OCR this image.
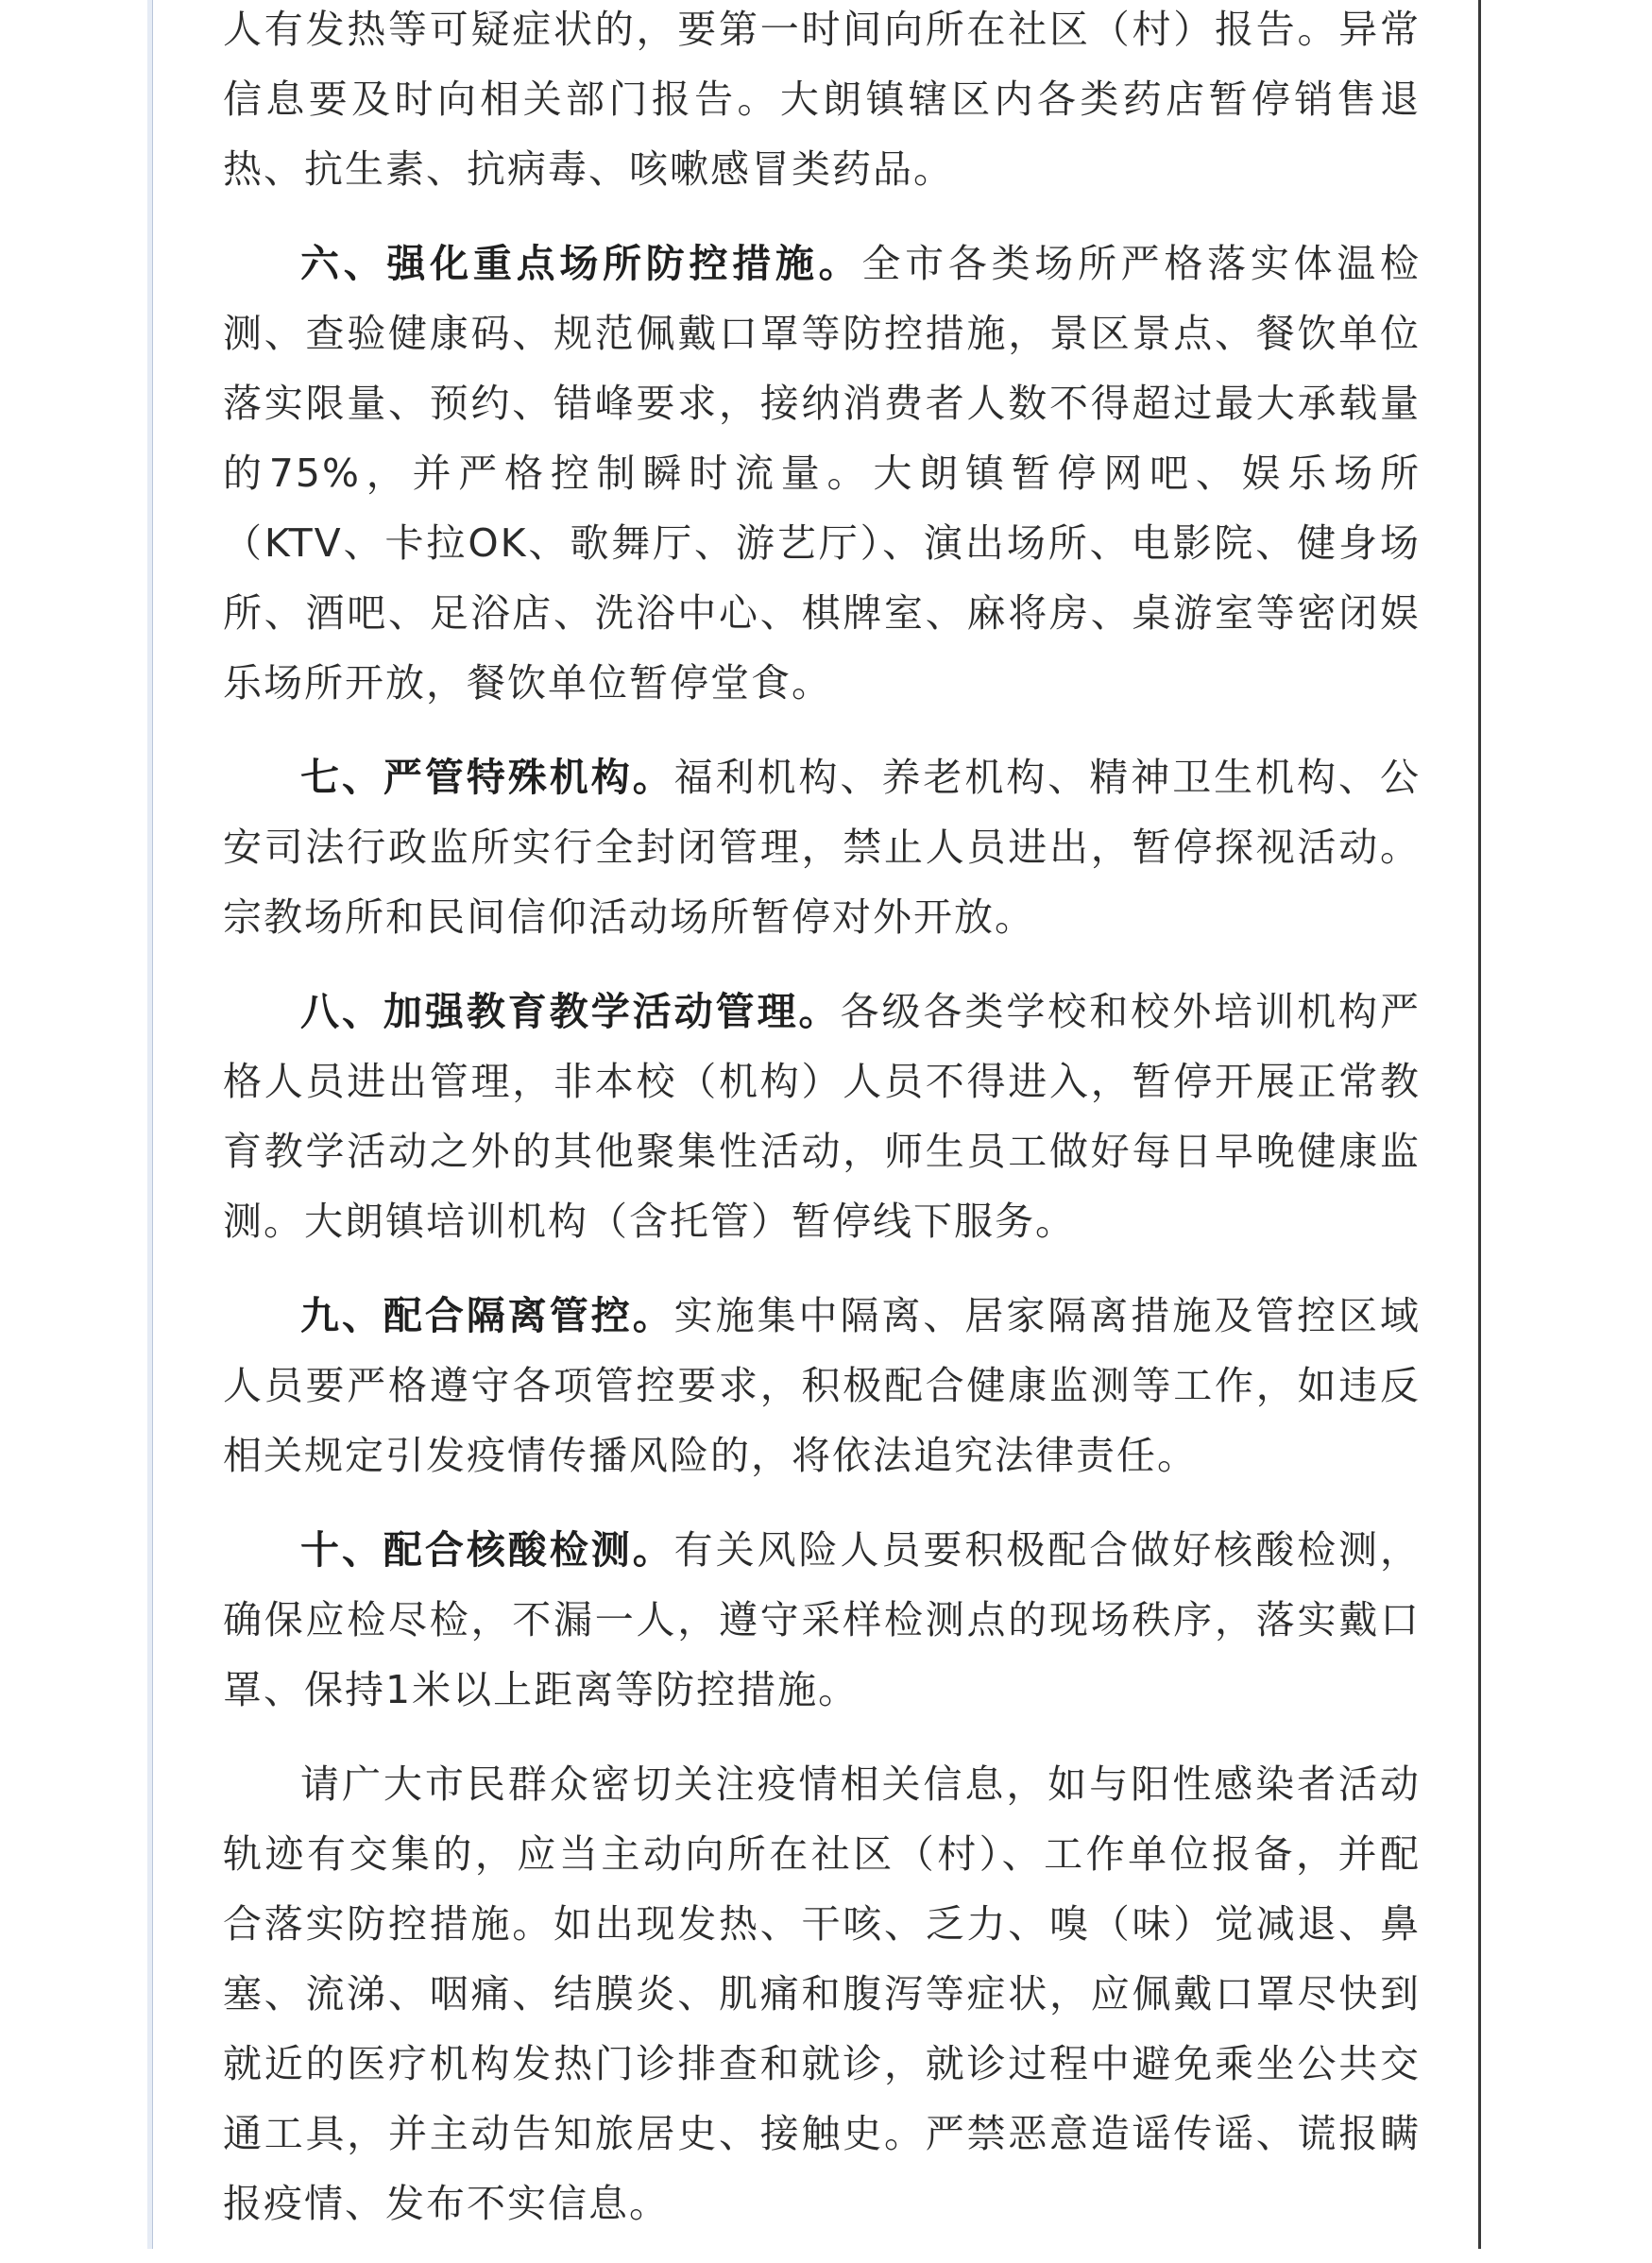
人有发热等可疑症状的，要第一时间向所在社区（村）报告。异常信息要及时向相关部门报告。大朗镇辖区内各类药店暂停销售退热、抗生素、抗病毒、咳嗽感冒类药品。

六、强化重点场所防控措施。全市各类场所严格落实体温检测、查验健康码、规范佩戴口罩等防控措施，景区景点、餐饮单位落实限量、预约、错峰要求，接纳消费者人数不得超过最大承载量的75%，并严格控制瞬时流量。大朗镇暂停网吧、娱乐场所（KTV、卡拉OK、歌舞厅、游艺厅）、演出场所、电影院、健身场所、酒吧、足浴店、洗浴中心、棋牌室、麻将房、桌游室等密闭娱乐场所开放，餐饮单位暂停堂食。

七、严管特殊机构。福利机构、养老机构、精神卫生机构、公安司法行政监所实行全封闭管理，禁止人员进出，暂停探视活动。宗教场所和民间信仰活动场所暂停对外开放。

八、加强教育教学活动管理。各级各类学校和校外培训机构严格人员进出管理，非本校（机构）人员不得进入，暂停开展正常教育教学活动之外的其他聚集性活动，师生员工做好每日早晚健康监测。大朗镇培训机构（含托管）暂停线下服务。

九、配合隔离管控。实施集中隔离、居家隔离措施及管控区域人员要严格遵守各项管控要求，积极配合健康监测等工作，如违反相关规定引发疫情传播风险的，将依法追究法律责任。

十、配合核酸检测。有关风险人员要积极配合做好核酸检测，确保应检尽检，不漏一人，遵守采样检测点的现场秩序，落实戴口罩、保持1米以上距离等防控措施。

请广大市民群众密切关注疫情相关信息，如与阳性感染者活动轨迹有交集的，应当主动向所在社区（村）、工作单位报备，并配合落实防控措施。如出现发热、干咳、乏力、嗅（味）觉减退、鼻塞、流涕、咽痛、结膜炎、肌痛和腹泻等症状，应佩戴口罩尽快到就近的医疗机构发热门诊排查和就诊，就诊过程中避免乘坐公共交通工具，并主动告知旅居史、接触史。严禁恶意造谣传谣、谎报瞒报疫情、发布不实信息。
